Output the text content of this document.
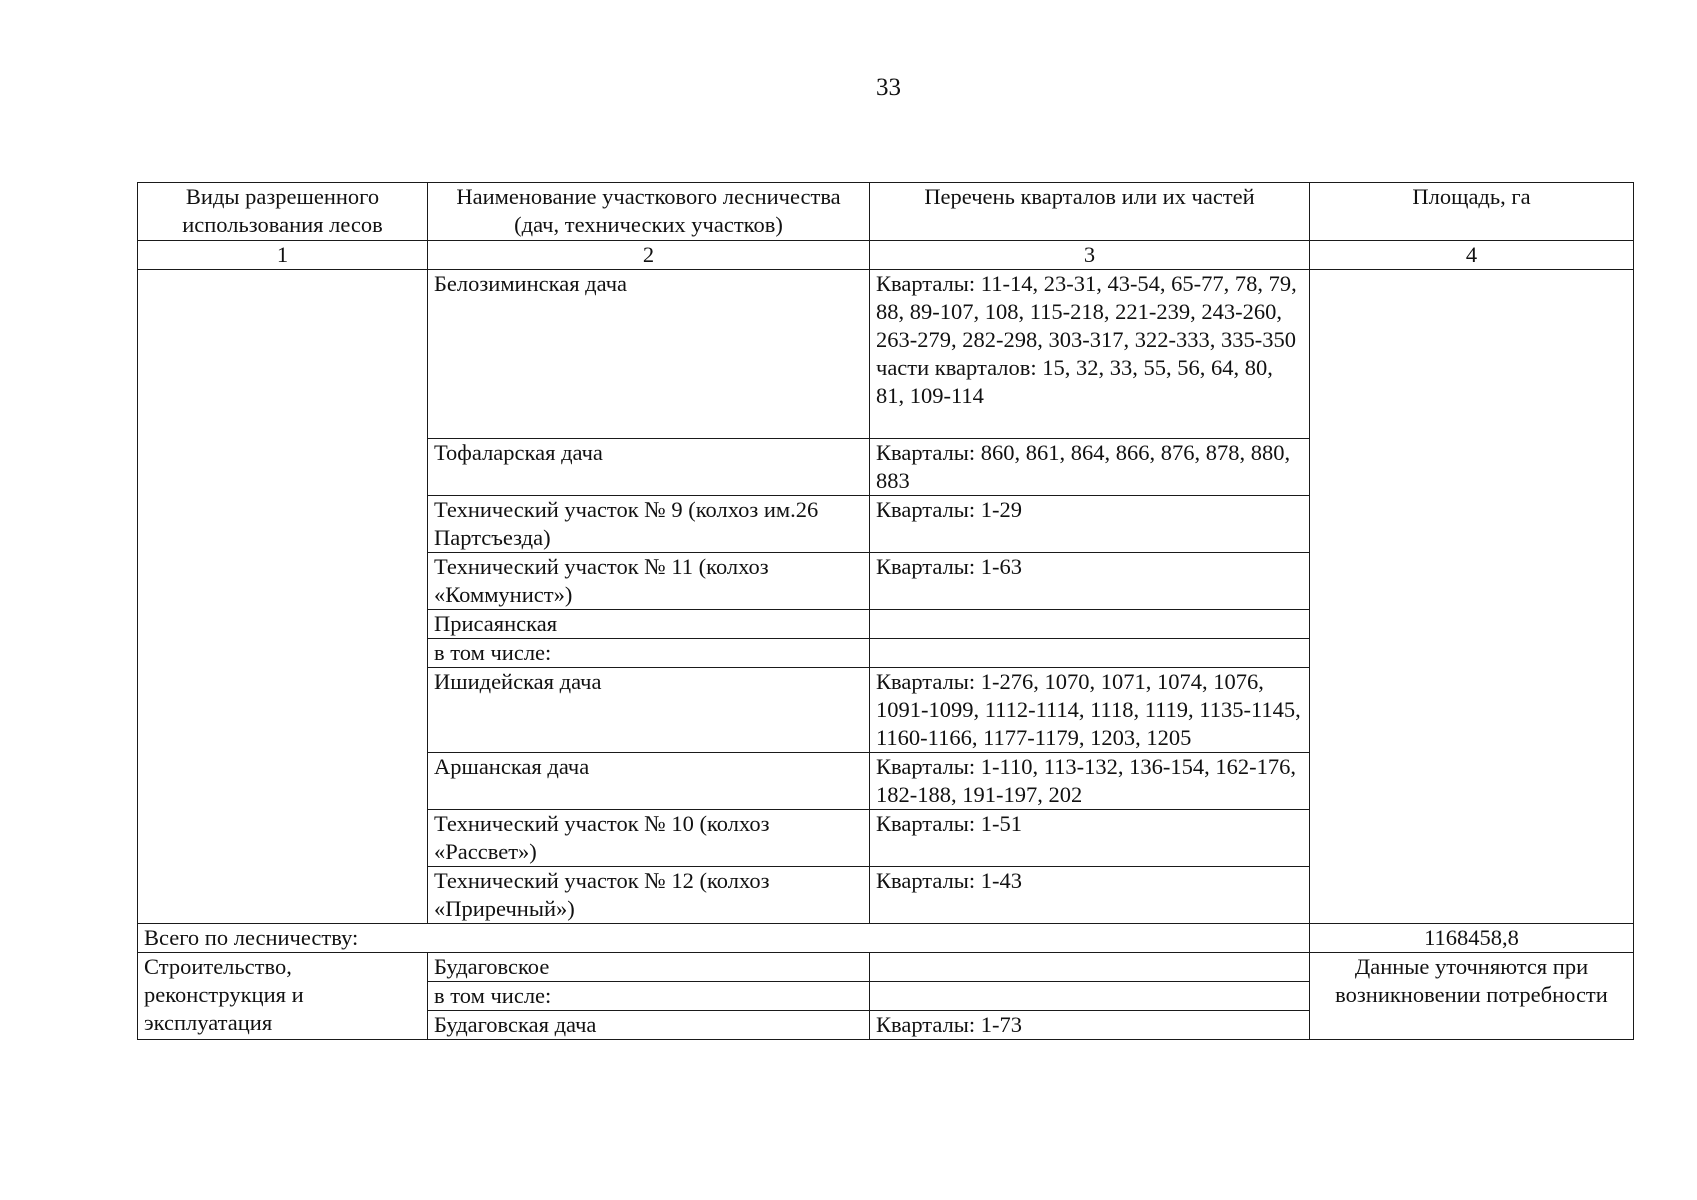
33
Виды разрешенного использования лесов	Наименование участкового лесничества (дач, технических участков)	Перечень кварталов или их частей	Площадь, га
1	2	3	4
	Белозиминская дача	Кварталы: 11-14, 23-31, 43-54, 65-77, 78, 79, 88, 89-107, 108, 115-218, 221-239, 243-260, 263-279, 282-298, 303-317, 322-333, 335-350
части кварталов: 15, 32, 33, 55, 56, 64, 80, 81, 109-114	

	Тофаларская дача	Кварталы: 860, 861, 864, 866, 876, 878, 880, 883	
	Технический участок № 9 (колхоз им.26 Партсъезда)	Кварталы: 1-29	
	Технический участок № 11 (колхоз «Коммунист»)	Кварталы: 1-63	
	Присаянская		
	в том числе:		
	Ишидейская дача	Кварталы: 1-276, 1070, 1071, 1074, 1076, 1091-1099, 1112-1114, 1118, 1119, 1135-1145, 1160-1166, 1177-1179, 1203, 1205	
	Аршанская дача	Кварталы: 1-110, 113-132, 136-154, 162-176, 182-188, 191-197, 202	
	Технический участок № 10 (колхоз «Рассвет»)	Кварталы: 1-51	
	Технический участок № 12 (колхоз «Приречный»)	Кварталы: 1-43	
Всего по лесничеству:			1168458,8
Строительство, реконструкция и эксплуатация	Будаговское		Данные уточняются при возникновении потребности
	в том числе:		
	Будаговская дача	Кварталы: 1-73	
